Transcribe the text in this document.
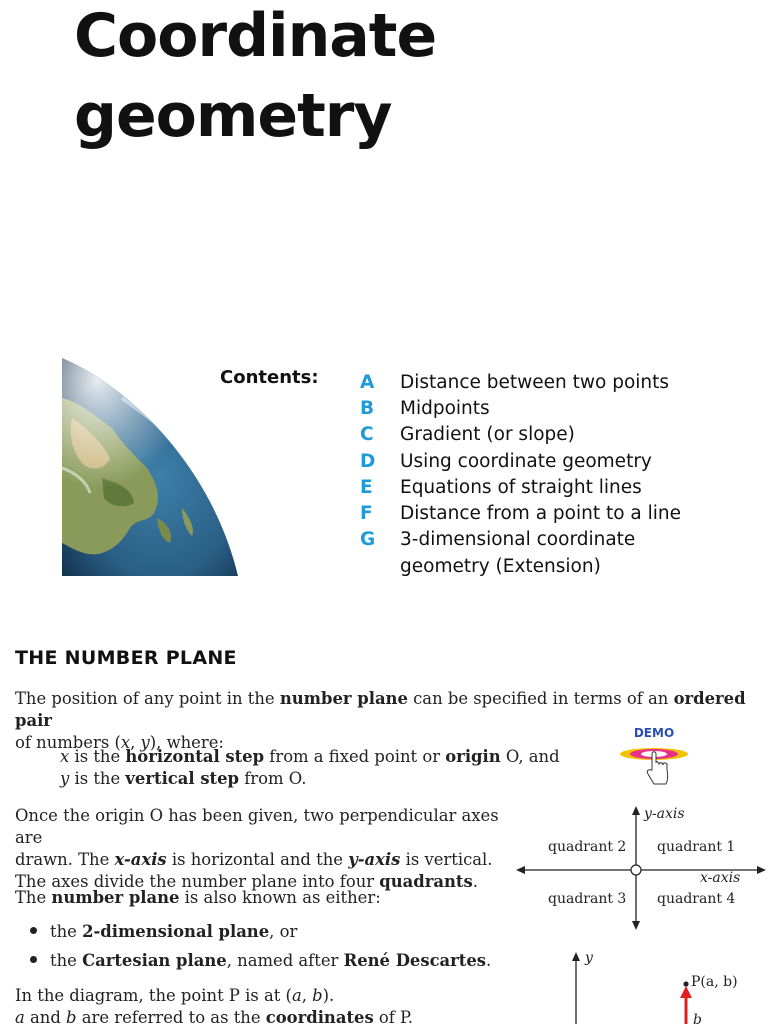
Coordinate
geometry
Contents: A	Distance between two points
B	Midpoints
C	Gradient (or slope)
D	Using coordinate geometry
E	Equations of straight lines
F	Distance from a point to a line
G	3-dimensional coordinate
geometry (Extension)
THE NUMBER PLANE
The position of any point in the number plane can be specified in terms of an ordered pair
of numbers (x, y), where:
x is the horizontal step from a fixed point or origin O, and
y is the vertical step from O.
DEMO
Once the origin O has been given, two perpendicular axes are
drawn. The x-axis is horizontal and the y-axis is vertical.
The axes divide the number plane into four quadrants.
y-axis
x-axis
quadrant 2 quadrant 1
quadrant 3 quadrant 4
The number plane is also known as either:
the 2-dimensional plane, or
the Cartesian plane, named after René Descartes.
In the diagram, the point P is at (a, b).
a and b are referred to as the coordinates of P.
y
P(a, b)
b
